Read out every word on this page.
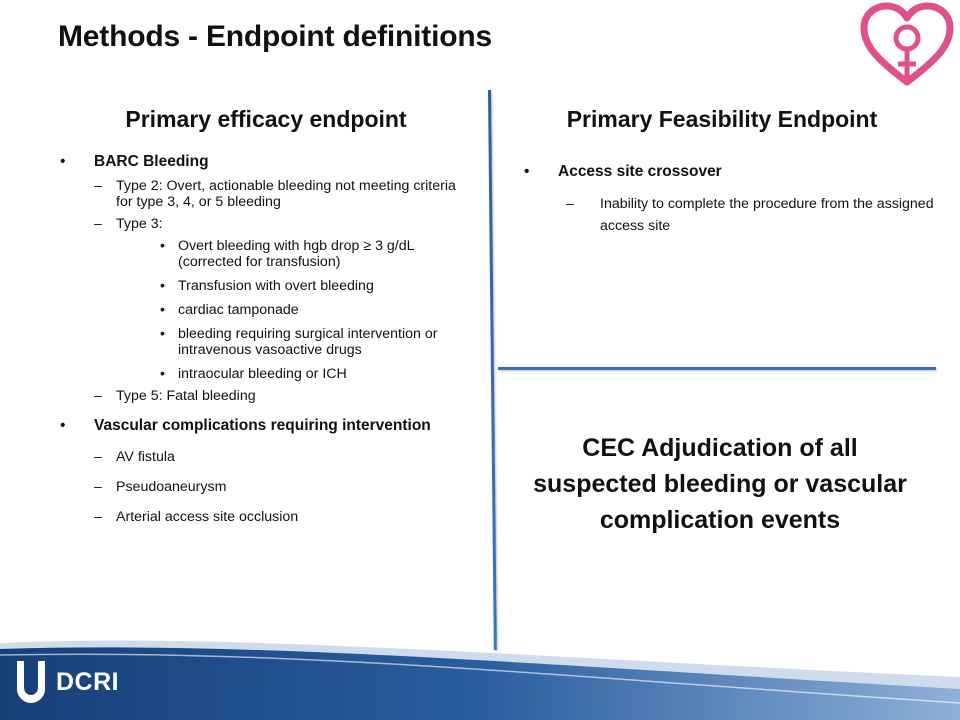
Methods - Endpoint definitions
Primary efficacy endpoint	Primary Feasibility Endpoint
• BARC Bleeding
– Type 2: Overt, actionable bleeding not meeting criteria for type 3, 4, or 5 bleeding
– Type 3:
• Overt bleeding with hgb drop ≥ 3 g/dL (corrected for transfusion)
• Transfusion with overt bleeding
• cardiac tamponade
• bleeding requiring surgical intervention or intravenous vasoactive drugs
• intraocular bleeding or ICH
– Type 5: Fatal bleeding
• Vascular complications requiring intervention
– AV fistula
– Pseudoaneurysm
– Arterial access site occlusion
• Access site crossover
– Inability to complete the procedure from the assigned access site
CEC Adjudication of all suspected bleeding or vascular complication events
DCRI
